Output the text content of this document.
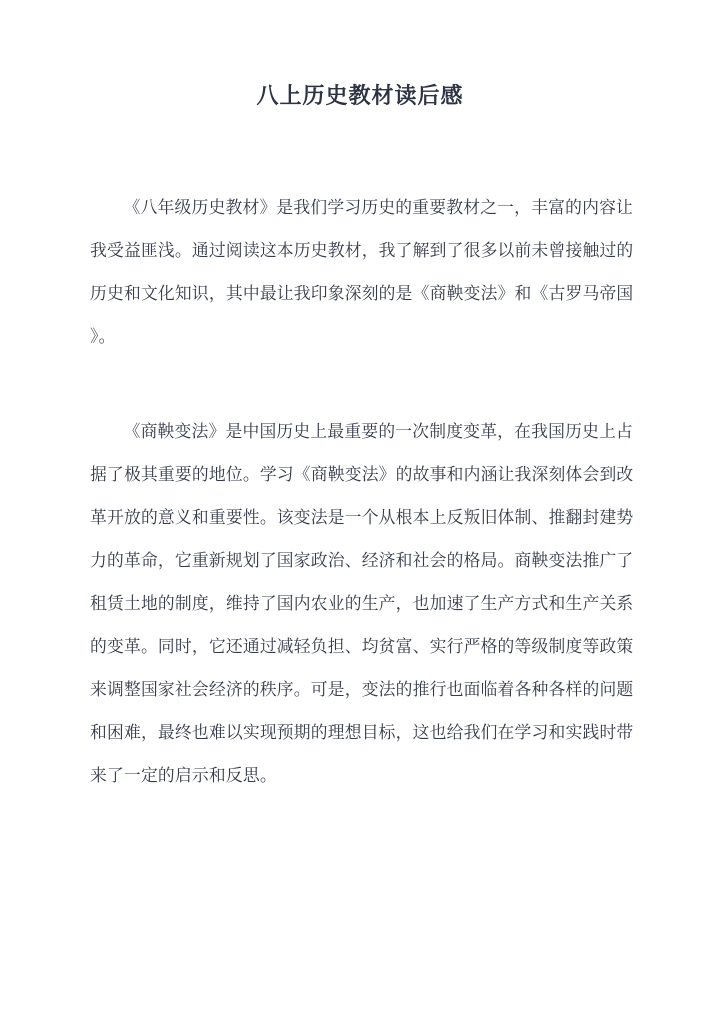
八上历史教材读后感

《八年级历史教材》是我们学习历史的重要教材之一，丰富的内容让
我受益匪浅。通过阅读这本历史教材，我了解到了很多以前未曾接触过的
历史和文化知识，其中最让我印象深刻的是《商鞅变法》和《古罗马帝国
》。

《商鞅变法》是中国历史上最重要的一次制度变革，在我国历史上占
据了极其重要的地位。学习《商鞅变法》的故事和内涵让我深刻体会到改
革开放的意义和重要性。该变法是一个从根本上反叛旧体制、推翻封建势
力的革命，它重新规划了国家政治、经济和社会的格局。商鞅变法推广了
租赁土地的制度，维持了国内农业的生产，也加速了生产方式和生产关系
的变革。同时，它还通过减轻负担、均贫富、实行严格的等级制度等政策
来调整国家社会经济的秩序。可是，变法的推行也面临着各种各样的问题
和困难，最终也难以实现预期的理想目标，这也给我们在学习和实践时带
来了一定的启示和反思。
